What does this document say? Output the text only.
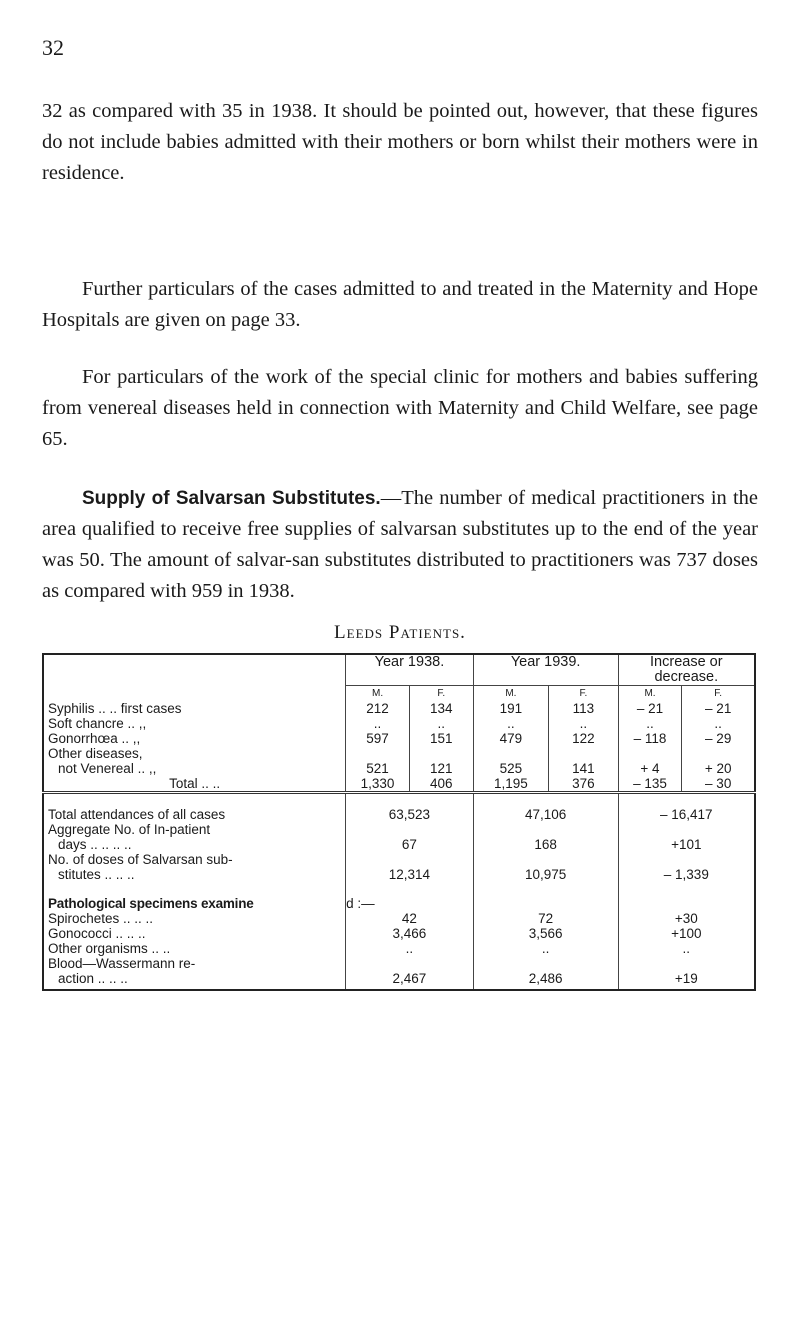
32

32 as compared with 35 in 1938. It should be pointed out, however, that these figures do not include babies admitted with their mothers or born whilst their mothers were in residence.

Further particulars of the cases admitted to and treated in the Maternity and Hope Hospitals are given on page 33.

For particulars of the work of the special clinic for mothers and babies suffering from venereal diseases held in connection with Maternity and Child Welfare, see page 65.

Supply of Salvarsan Substitutes.—The number of medical practitioners in the area qualified to receive free supplies of salvarsan substitutes up to the end of the year was 50. The amount of salvar-san substitutes distributed to practitioners was 737 doses as compared with 959 in 1938.

Leeds Patients.
	Year 1938.		Year 1939.		Increase or decrease.	
	M.	F.	M.	F.	M.	F.
Syphilis .. .. first cases	212	134	191	113	– 21	– 21
Soft chancre .. ,,	..	..	..	..	..	..
Gonorrhœa .. ,,	597	151	479	122	– 118	– 29
Other diseases,						
not Venereal .. ,,	521	121	525	141	+ 4	+ 20
Total .. ..	1,330	406	1,195	376	– 135	– 30

Total attendances of all cases	63,523		47,106		– 16,417	
Aggregate No. of In-patient						
days .. .. .. ..	67		168		+101	
No. of doses of Salvarsan sub-						
stitutes .. .. ..	12,314		10,975		– 1,339	

Pathological specimens examine	d :—					
Spirochetes .. .. ..	42		72		+30	
Gonococci .. .. ..	3,466		3,566		+100	
Other organisms .. ..	..		..		..	
Blood—Wassermann re-						
action .. .. ..	2,467		2,486		+19	
